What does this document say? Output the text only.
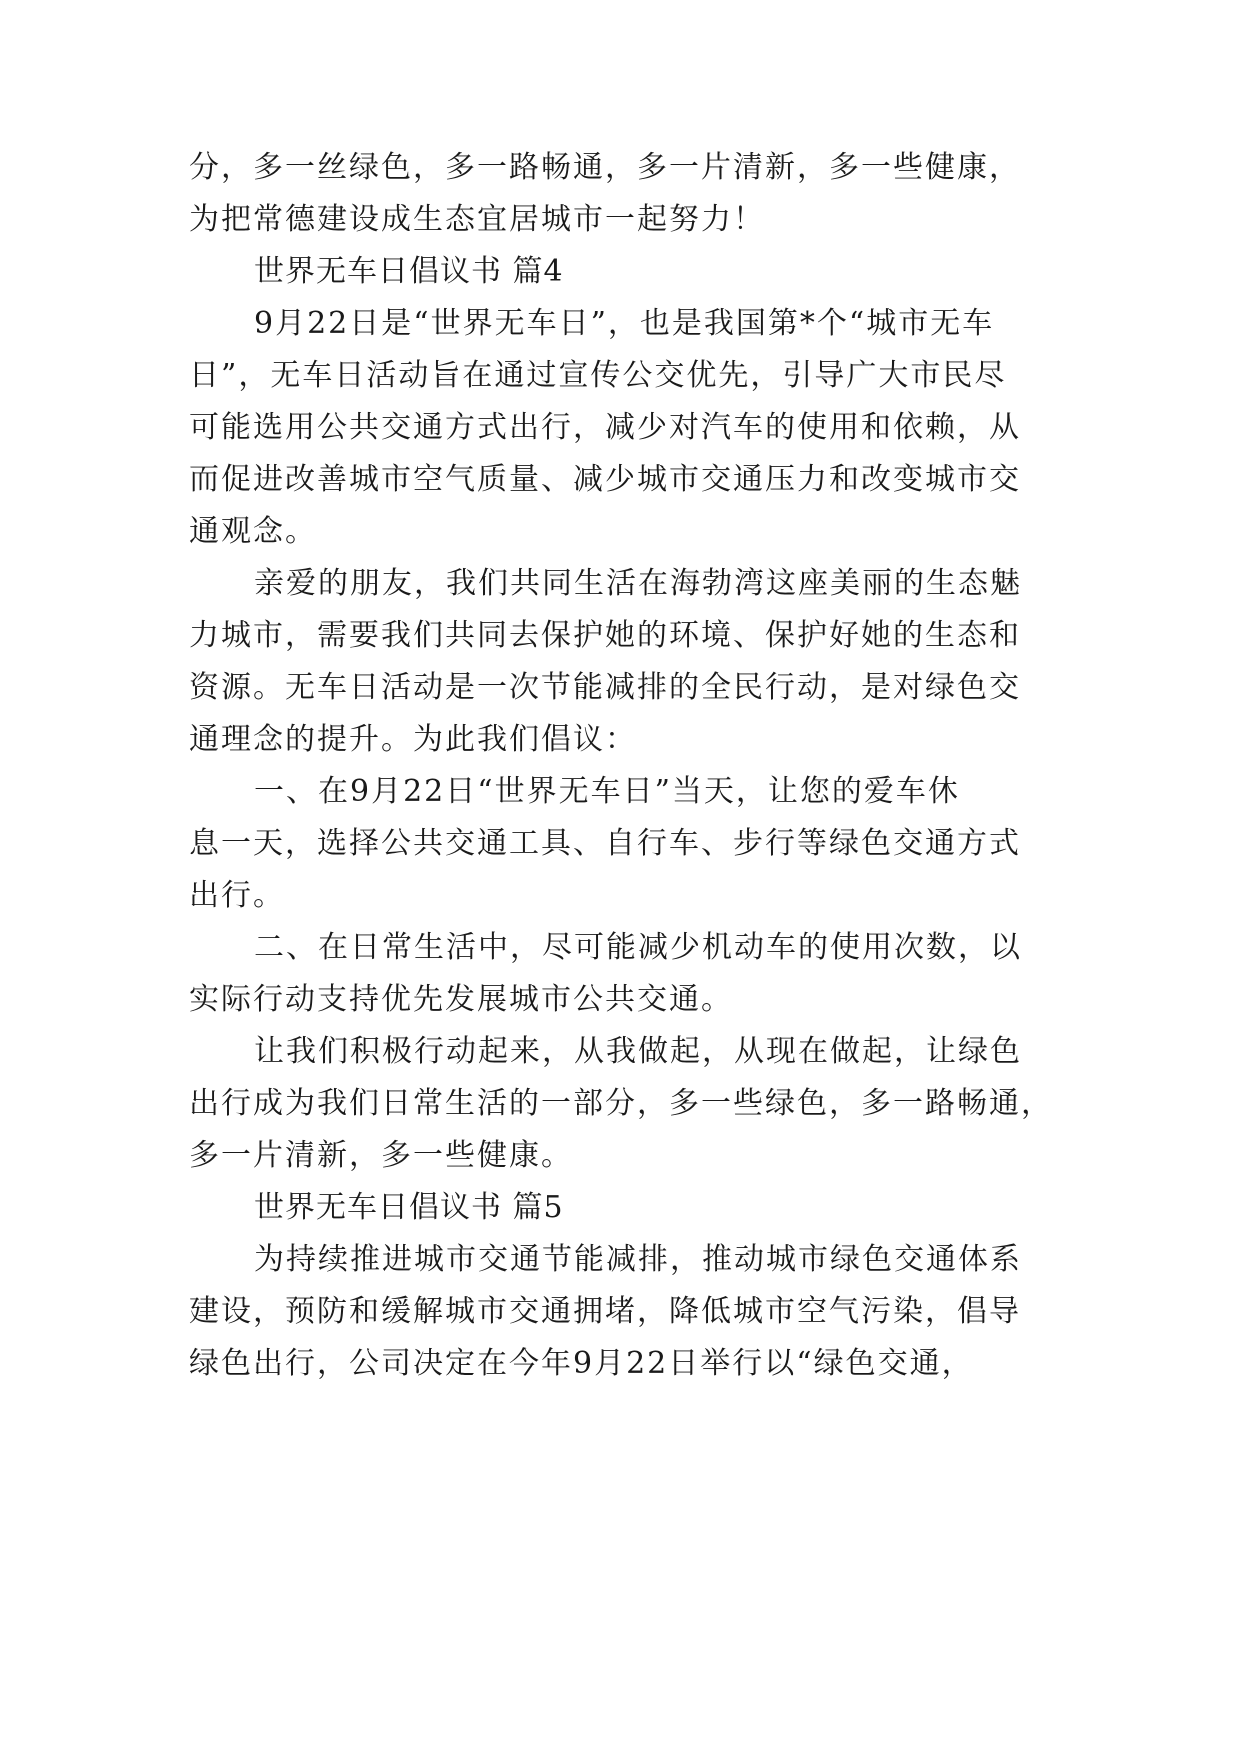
分，多一丝绿色，多一路畅通，多一片清新，多一些健康，
为把常德建设成生态宜居城市一起努力！
世界无车日倡议书 篇4
9月22日是“世界无车日”，也是我国第*个“城市无车
日”，无车日活动旨在通过宣传公交优先，引导广大市民尽
可能选用公共交通方式出行，减少对汽车的使用和依赖，从
而促进改善城市空气质量、减少城市交通压力和改变城市交
通观念。
亲爱的朋友，我们共同生活在海勃湾这座美丽的生态魅
力城市，需要我们共同去保护她的环境、保护好她的生态和
资源。无车日活动是一次节能减排的全民行动，是对绿色交
通理念的提升。为此我们倡议：
一、在9月22日“世界无车日”当天，让您的爱车休
息一天，选择公共交通工具、自行车、步行等绿色交通方式
出行。
二、在日常生活中，尽可能减少机动车的使用次数，以
实际行动支持优先发展城市公共交通。
让我们积极行动起来，从我做起，从现在做起，让绿色
出行成为我们日常生活的一部分，多一些绿色，多一路畅通，
多一片清新，多一些健康。
世界无车日倡议书 篇5
为持续推进城市交通节能减排，推动城市绿色交通体系
建设，预防和缓解城市交通拥堵，降低城市空气污染，倡导
绿色出行，公司决定在今年9月22日举行以“绿色交通，
